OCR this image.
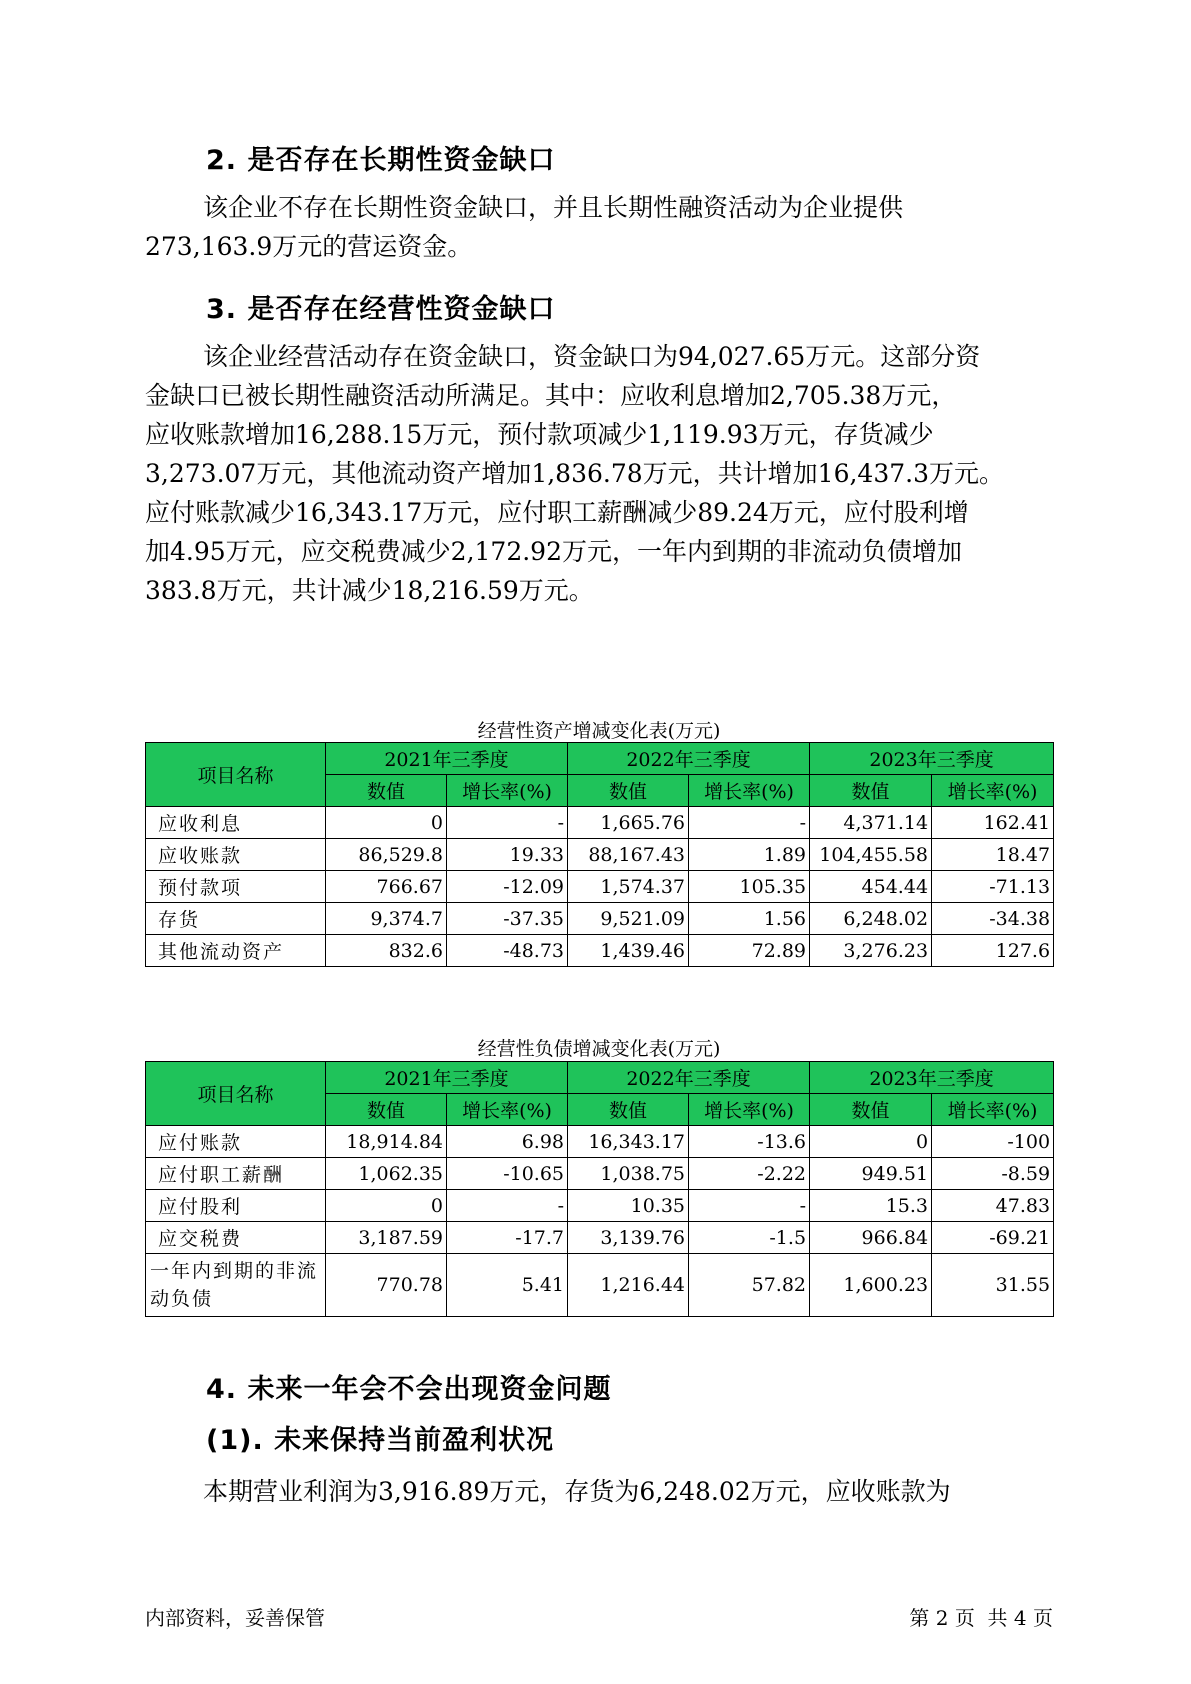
2. 是否存在长期性资金缺口

该企业不存在长期性资金缺口，并且长期性融资活动为企业提供

273,163.9万元的营运资金。

3. 是否存在经营性资金缺口

该企业经营活动存在资金缺口，资金缺口为94,027.65万元。这部分资

金缺口已被长期性融资活动所满足。其中：应收利息增加2,705.38万元，

应收账款增加16,288.15万元，预付款项减少1,119.93万元，存货减少

3,273.07万元，其他流动资产增加1,836.78万元，共计增加16,437.3万元。

应付账款减少16,343.17万元，应付职工薪酬减少89.24万元，应付股利增

加4.95万元，应交税费减少2,172.92万元，一年内到期的非流动负债增加

383.8万元，共计减少18,216.59万元。

经营性资产增减变化表(万元)
项目名称	2021年三季度		2022年三季度		2023年三季度	
	数值	增长率(%)	数值	增长率(%)	数值	增长率(%)
应收利息	0	-	1,665.76	-	4,371.14	162.41
应收账款	86,529.8	19.33	88,167.43	1.89	104,455.58	18.47
预付款项	766.67	-12.09	1,574.37	105.35	454.44	-71.13
存货	9,374.7	-37.35	9,521.09	1.56	6,248.02	-34.38
其他流动资产	832.6	-48.73	1,439.46	72.89	3,276.23	127.6
经营性负债增减变化表(万元)
项目名称	2021年三季度		2022年三季度		2023年三季度	
	数值	增长率(%)	数值	增长率(%)	数值	增长率(%)
应付账款	18,914.84	6.98	16,343.17	-13.6	0	-100
应付职工薪酬	1,062.35	-10.65	1,038.75	-2.22	949.51	-8.59
应付股利	0	-	10.35	-	15.3	47.83
应交税费	3,187.59	-17.7	3,139.76	-1.5	966.84	-69.21
一年内到期的非流动负债	770.78	5.41	1,216.44	57.82	1,600.23	31.55
4. 未来一年会不会出现资金问题
(1). 未来保持当前盈利状况

本期营业利润为3,916.89万元，存货为6,248.02万元，应收账款为

内部资料，妥善保管	第 2 页  共 4 页
